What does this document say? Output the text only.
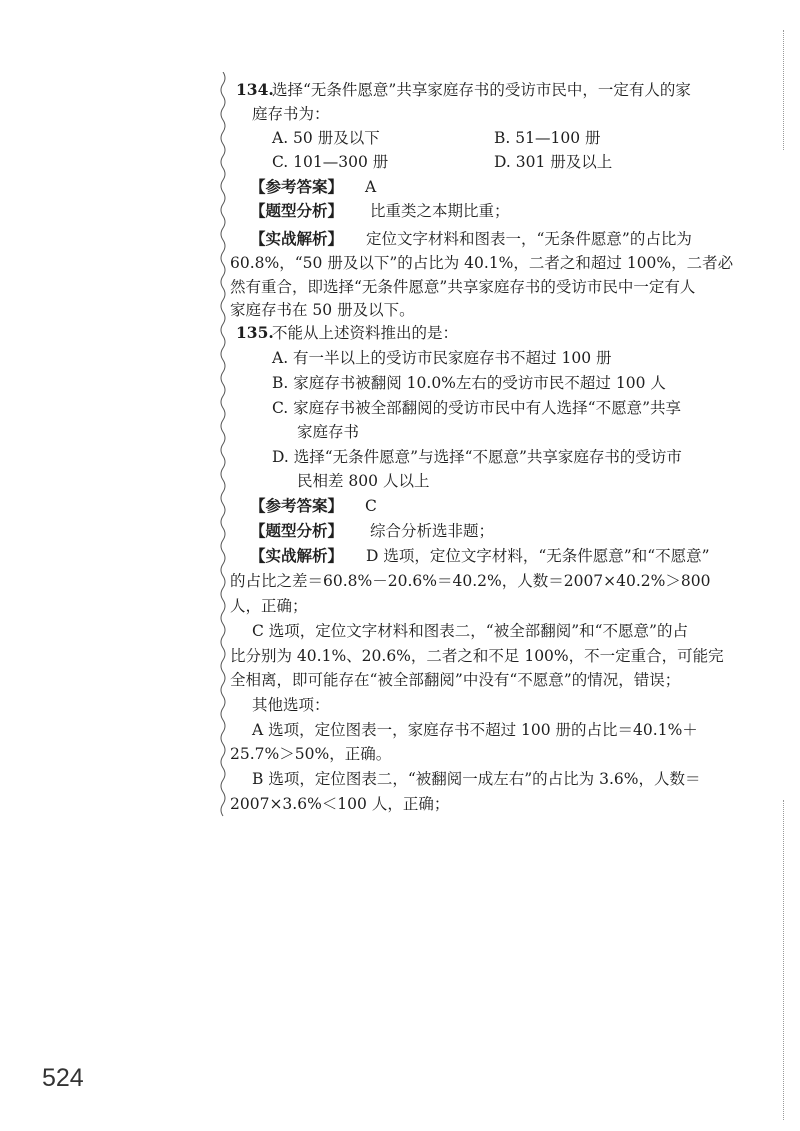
134.
选择“无条件愿意”共享家庭存书的受访市民中，一定有人的家
庭存书为：
A. 50 册及以下	B. 51—100 册
C. 101—300 册	D. 301 册及以上
【参考答案】 A
【题型分析】 比重类之本期比重；
【实战解析】 定位文字材料和图表一，“无条件愿意”的占比为
60.8%，“50 册及以下”的占比为 40.1%，二者之和超过 100%，二者必
然有重合，即选择“无条件愿意”共享家庭存书的受访市民中一定有人
家庭存书在 50 册及以下。
135.
不能从上述资料推出的是：
A. 有一半以上的受访市民家庭存书不超过 100 册
B. 家庭存书被翻阅 10.0%左右的受访市民不超过 100 人
C. 家庭存书被全部翻阅的受访市民中有人选择“不愿意”共享
家庭存书
D. 选择“无条件愿意”与选择“不愿意”共享家庭存书的受访市
民相差 800 人以上
【参考答案】 C
【题型分析】 综合分析选非题；
【实战解析】 D 选项，定位文字材料，“无条件愿意”和“不愿意”
的占比之差＝60.8%－20.6%＝40.2%，人数＝2007×40.2%＞800
人，正确；
C 选项，定位文字材料和图表二，“被全部翻阅”和“不愿意”的占
比分别为 40.1%、20.6%，二者之和不足 100%，不一定重合，可能完
全相离，即可能存在“被全部翻阅”中没有“不愿意”的情况，错误；
其他选项：
A 选项，定位图表一，家庭存书不超过 100 册的占比＝40.1%＋
25.7%＞50%，正确。
B 选项，定位图表二，“被翻阅一成左右”的占比为 3.6%，人数＝
2007×3.6%＜100 人，正确；
524
